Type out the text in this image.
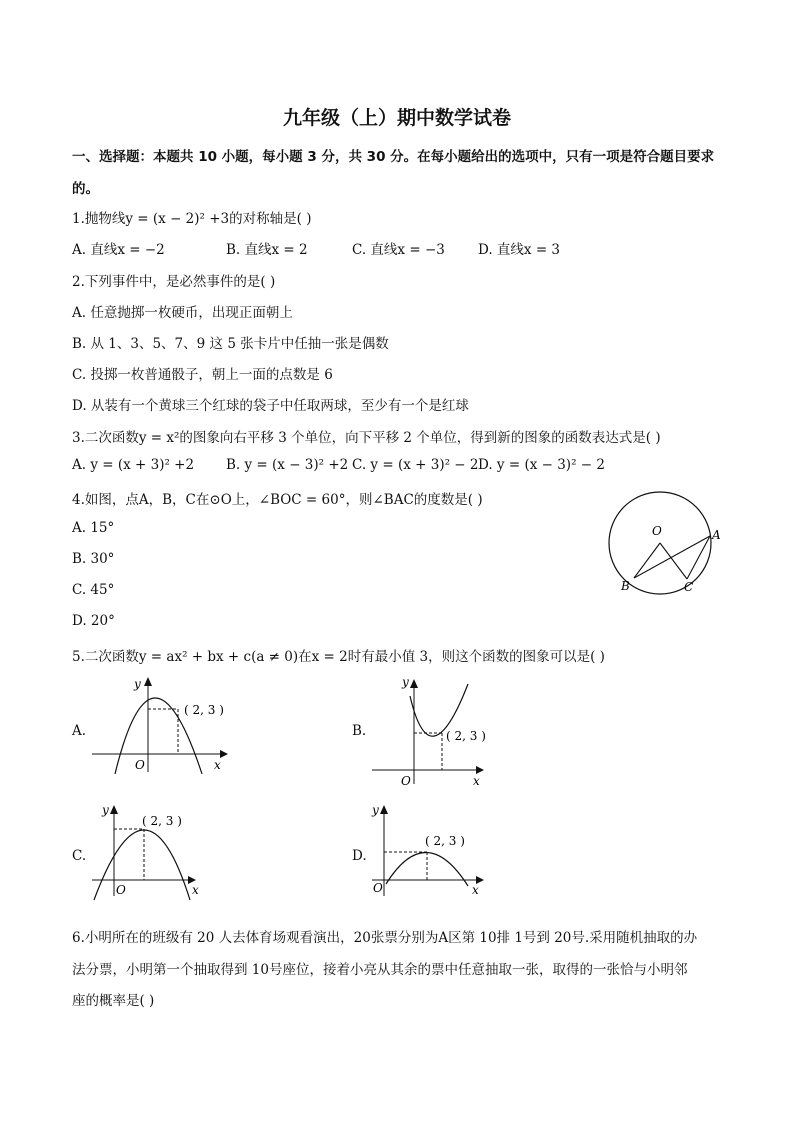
九年级（上）期中数学试卷
一、选择题：本题共 10 小题，每小题 3 分，共 30 分。在每小题给出的选项中，只有一项是符合题目要求
的。
1.抛物线y = (x − 2)² +3的对称轴是( )
A. 直线x = −2	B. 直线x = 2	C. 直线x = −3 D. 直线x = 3
2.下列事件中，是必然事件的是( )
A. 任意抛掷一枚硬币，出现正面朝上
B. 从 1、3、5、7、9 这 5 张卡片中任抽一张是偶数
C. 投掷一枚普通骰子，朝上一面的点数是 6
D. 从装有一个黄球三个红球的袋子中任取两球，至少有一个是红球
3.二次函数y = x²的图象向右平移 3 个单位，向下平移 2 个单位，得到新的图象的函数表达式是( )
A. y = (x + 3)² +2 B. y = (x − 3)² +2 C. y = (x + 3)² − 2 D. y = (x − 3)² − 2
4.如图，点A，B，C在⊙O上，∠BOC = 60°，则∠BAC的度数是( )
A. 15°
B. 30°
C. 45°
D. 20°
O	A
B	C
5.二次函数y = ax² + bx + c(a ≠ 0)在x = 2时有最小值 3，则这个函数的图象可以是( )
A.
( 2, 3 )
y
x
O
B.	( 2, 3 )
y
x
O
C.
( 2, 3 )
y
x
O
D.
( 2, 3 )
y
x
O
6.小明所在的班级有 20 人去体育场观看演出，20张票分别为A区第 10排 1号到 20号.采用随机抽取的办
法分票，小明第一个抽取得到 10号座位，接着小亮从其余的票中任意抽取一张，取得的一张恰与小明邻
座的概率是( )
